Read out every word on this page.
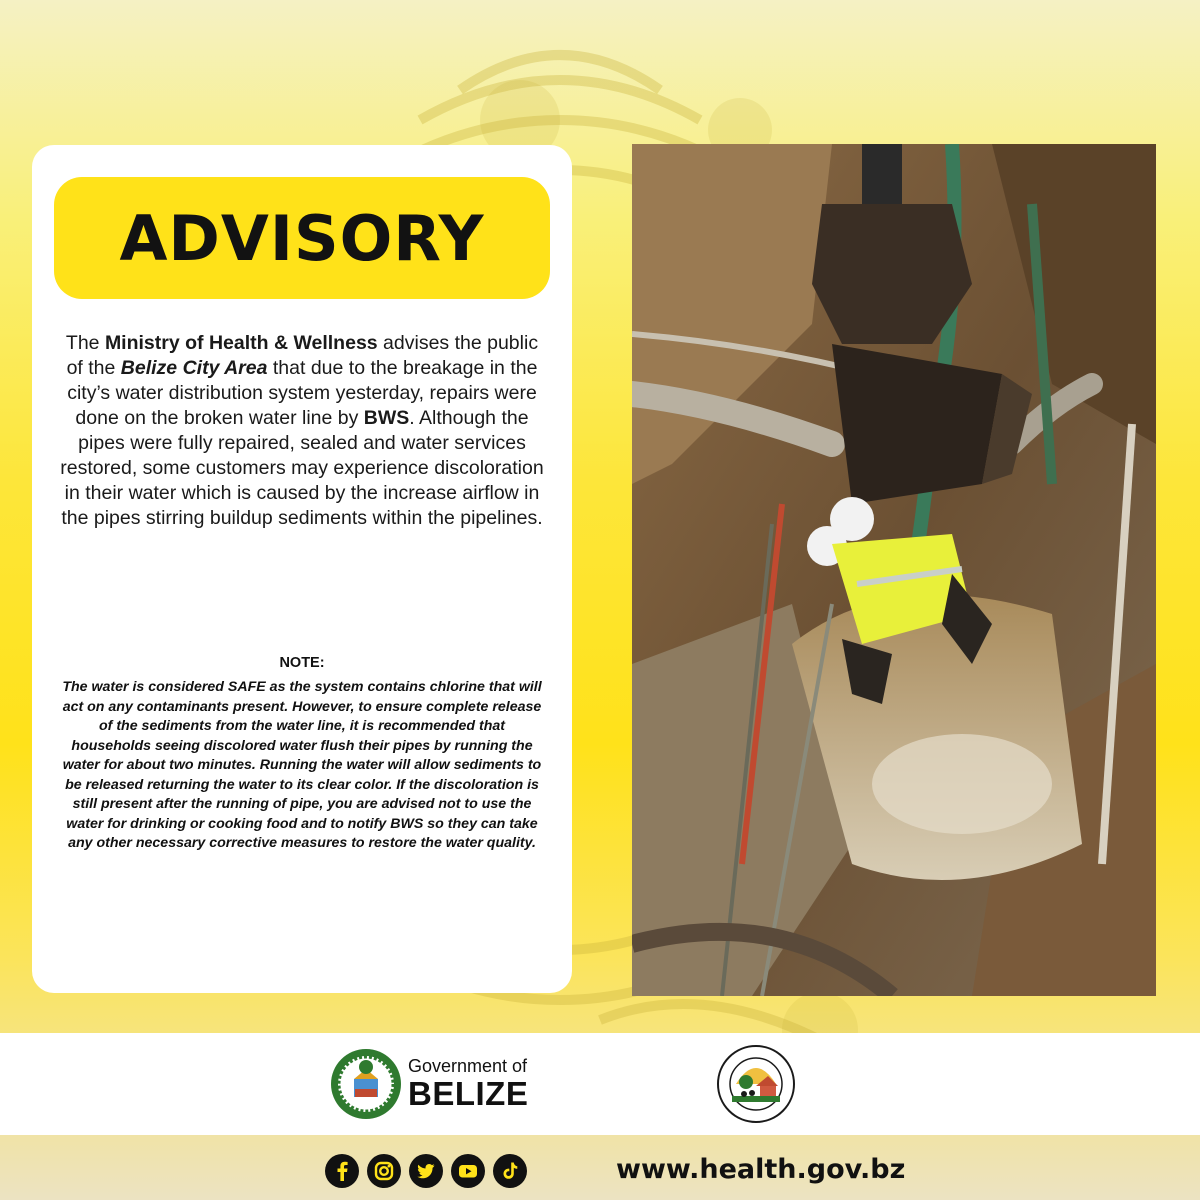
ADVISORY
The Ministry of Health & Wellness advises the public of the Belize City Area that due to the breakage in the city’s water distribution system yesterday, repairs were done on the broken water line by BWS. Although the pipes were fully repaired, sealed and water services restored, some customers may experience discoloration in their water which is caused by the increase airflow in the pipes stirring buildup sediments within the pipelines.
NOTE:
The water is considered SAFE as the system contains chlorine that will act on any contaminants present. However, to ensure complete release of the sediments from the water line, it is recommended that households seeing discolored water flush their pipes by running the water for about two minutes. Running the water will allow sediments to be released returning the water to its clear color. If the discoloration is still present after the running of pipe, you are advised not to use the water for drinking or cooking food and to notify BWS so they can take any other necessary corrective measures to restore the water quality.
Government of
BELIZE
www.health.gov.bz
